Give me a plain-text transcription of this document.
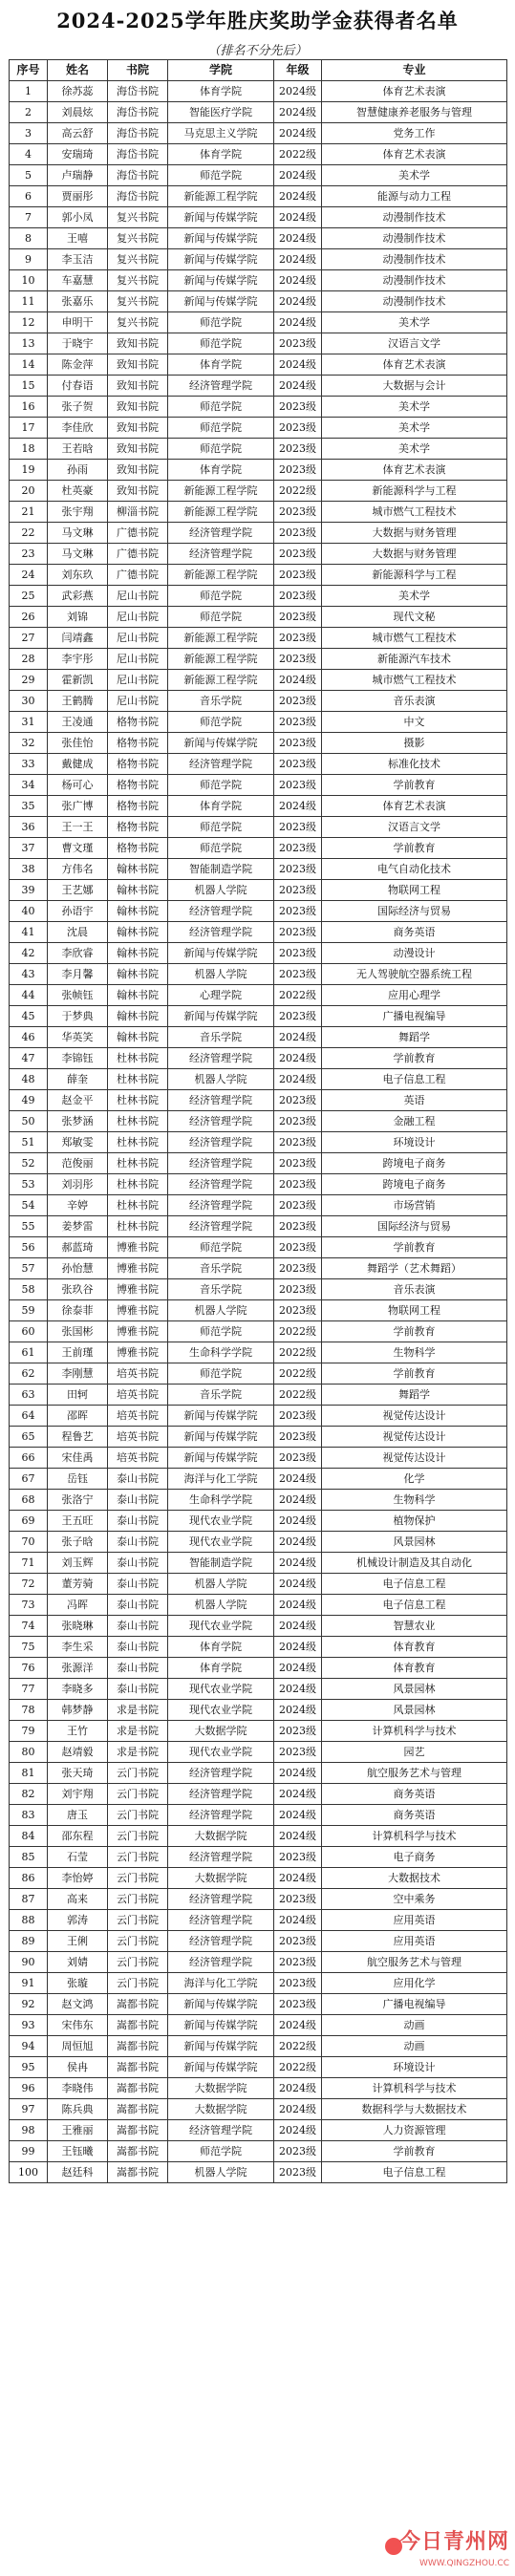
2024-2025学年胜庆奖助学金获得者名单
（排名不分先后）
序号	姓名	书院	学院	年级	专业
1	徐苏蕊	海岱书院	体育学院	2024级	体育艺术表演
2	刘晨炫	海岱书院	智能医疗学院	2024级	智慧健康养老服务与管理
3	高云舒	海岱书院	马克思主义学院	2024级	党务工作
4	安瑞琦	海岱书院	体育学院	2022级	体育艺术表演
5	卢瑞静	海岱书院	师范学院	2024级	美术学
6	贾丽彤	海岱书院	新能源工程学院	2024级	能源与动力工程
7	郭小凤	复兴书院	新闻与传媒学院	2024级	动漫制作技术
8	王嘻	复兴书院	新闻与传媒学院	2024级	动漫制作技术
9	李玉洁	复兴书院	新闻与传媒学院	2024级	动漫制作技术
10	车嘉慧	复兴书院	新闻与传媒学院	2024级	动漫制作技术
11	张嘉乐	复兴书院	新闻与传媒学院	2024级	动漫制作技术
12	申明干	复兴书院	师范学院	2024级	美术学
13	于晓宇	致知书院	师范学院	2023级	汉语言文学
14	陈金萍	致知书院	体育学院	2024级	体育艺术表演
15	付春语	致知书院	经济管理学院	2024级	大数据与会计
16	张子贺	致知书院	师范学院	2023级	美术学
17	李佳欣	致知书院	师范学院	2023级	美术学
18	王若晗	致知书院	师范学院	2023级	美术学
19	孙雨	致知书院	体育学院	2023级	体育艺术表演
20	杜英豪	致知书院	新能源工程学院	2022级	新能源科学与工程
21	张宇翔	柳淄书院	新能源工程学院	2023级	城市燃气工程技术
22	马文琳	广德书院	经济管理学院	2023级	大数据与财务管理
23	马文琳	广德书院	经济管理学院	2023级	大数据与财务管理
24	刘东玖	广德书院	新能源工程学院	2023级	新能源科学与工程
25	武彩燕	尼山书院	师范学院	2023级	美术学
26	刘锦	尼山书院	师范学院	2023级	现代文秘
27	闫靖鑫	尼山书院	新能源工程学院	2023级	城市燃气工程技术
28	李宇彤	尼山书院	新能源工程学院	2023级	新能源汽车技术
29	霍新凯	尼山书院	新能源工程学院	2024级	城市燃气工程技术
30	王鹤腾	尼山书院	音乐学院	2023级	音乐表演
31	王凌通	格物书院	师范学院	2023级	中文
32	张佳怡	格物书院	新闻与传媒学院	2023级	摄影
33	戴健成	格物书院	经济管理学院	2023级	标准化技术
34	杨可心	格物书院	师范学院	2023级	学前教育
35	张广博	格物书院	体育学院	2024级	体育艺术表演
36	王一王	格物书院	师范学院	2023级	汉语言文学
37	曹文瑾	格物书院	师范学院	2023级	学前教育
38	方伟名	翰林书院	智能制造学院	2023级	电气自动化技术
39	王艺娜	翰林书院	机器人学院	2023级	物联网工程
40	孙语宇	翰林书院	经济管理学院	2023级	国际经济与贸易
41	沈晨	翰林书院	经济管理学院	2023级	商务英语
42	李欣睿	翰林书院	新闻与传媒学院	2023级	动漫设计
43	李月馨	翰林书院	机器人学院	2023级	无人驾驶航空器系统工程
44	张帧钰	翰林书院	心理学院	2022级	应用心理学
45	于梦典	翰林书院	新闻与传媒学院	2023级	广播电视编导
46	华英笑	翰林书院	音乐学院	2024级	舞蹈学
47	李锦钰	杜林书院	经济管理学院	2024级	学前教育
48	薛奎	杜林书院	机器人学院	2024级	电子信息工程
49	赵金平	杜林书院	经济管理学院	2023级	英语
50	张梦涵	杜林书院	经济管理学院	2023级	金融工程
51	郑敏雯	杜林书院	经济管理学院	2023级	环境设计
52	范俊丽	杜林书院	经济管理学院	2023级	跨境电子商务
53	刘羽彤	杜林书院	经济管理学院	2023级	跨境电子商务
54	辛婷	杜林书院	经济管理学院	2023级	市场营销
55	姜梦雷	杜林书院	经济管理学院	2023级	国际经济与贸易
56	郝蓝琦	博雅书院	师范学院	2023级	学前教育
57	孙怡慧	博雅书院	音乐学院	2023级	舞蹈学（艺术舞蹈）
58	张玖谷	博雅书院	音乐学院	2023级	音乐表演
59	徐泰菲	博雅书院	机器人学院	2023级	物联网工程
60	张国彬	博雅书院	师范学院	2022级	学前教育
61	王前瑾	博雅书院	生命科学学院	2022级	生物科学
62	李刚慧	培英书院	师范学院	2022级	学前教育
63	田轲	培英书院	音乐学院	2022级	舞蹈学
64	邵晖	培英书院	新闻与传媒学院	2023级	视觉传达设计
65	程鲁艺	培英书院	新闻与传媒学院	2023级	视觉传达设计
66	宋佳禹	培英书院	新闻与传媒学院	2023级	视觉传达设计
67	岳钰	泰山书院	海洋与化工学院	2024级	化学
68	张洛宁	泰山书院	生命科学学院	2024级	生物科学
69	王五旺	泰山书院	现代农业学院	2024级	植物保护
70	张子晗	泰山书院	现代农业学院	2024级	风景园林
71	刘玉辉	泰山书院	智能制造学院	2024级	机械设计制造及其自动化
72	董芳骑	泰山书院	机器人学院	2024级	电子信息工程
73	冯晖	泰山书院	机器人学院	2024级	电子信息工程
74	张晓琳	泰山书院	现代农业学院	2024级	智慧农业
75	李生采	泰山书院	体育学院	2024级	体育教育
76	张源洋	泰山书院	体育学院	2024级	体育教育
77	李晓多	泰山书院	现代农业学院	2024级	风景园林
78	韩梦静	求是书院	现代农业学院	2024级	风景园林
79	王竹	求是书院	大数据学院	2023级	计算机科学与技术
80	赵靖毅	求是书院	现代农业学院	2023级	园艺
81	张天琦	云门书院	经济管理学院	2024级	航空服务艺术与管理
82	刘宇翔	云门书院	经济管理学院	2024级	商务英语
83	唐玉	云门书院	经济管理学院	2024级	商务英语
84	邵东程	云门书院	大数据学院	2024级	计算机科学与技术
85	石莹	云门书院	经济管理学院	2023级	电子商务
86	李怡婷	云门书院	大数据学院	2024级	大数据技术
87	高来	云门书院	经济管理学院	2023级	空中乘务
88	郭涛	云门书院	经济管理学院	2024级	应用英语
89	王俐	云门书院	经济管理学院	2023级	应用英语
90	刘婧	云门书院	经济管理学院	2023级	航空服务艺术与管理
91	张璇	云门书院	海洋与化工学院	2023级	应用化学
92	赵文鸿	嵩都书院	新闻与传媒学院	2023级	广播电视编导
93	宋伟东	嵩都书院	新闻与传媒学院	2024级	动画
94	周恒旭	嵩都书院	新闻与传媒学院	2022级	动画
95	侯冉	嵩都书院	新闻与传媒学院	2022级	环境设计
96	李晓伟	嵩都书院	大数据学院	2024级	计算机科学与技术
97	陈兵典	嵩都书院	大数据学院	2024级	数据科学与大数据技术
98	王雅丽	嵩都书院	经济管理学院	2024级	人力资源管理
99	王钰曦	嵩都书院	师范学院	2023级	学前教育
100	赵廷科	嵩都书院	机器人学院	2023级	电子信息工程
今日青州网
WWW.QINGZHOU.CC
